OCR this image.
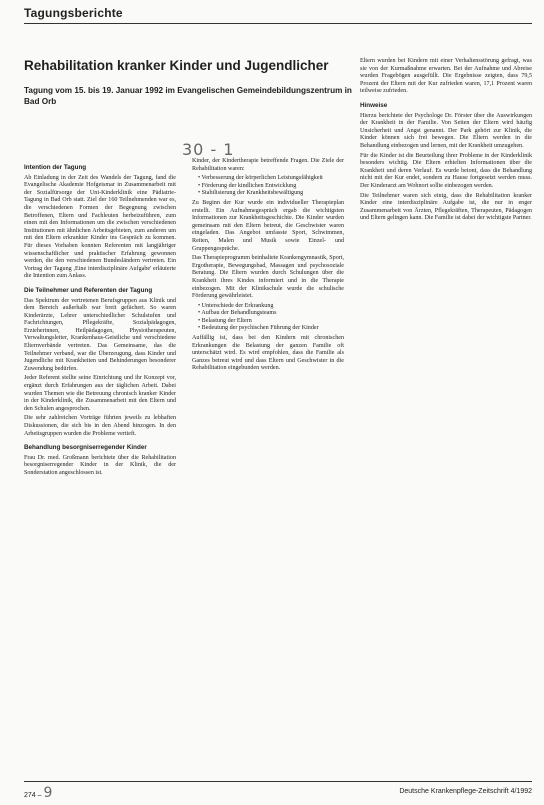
Tagungsberichte
Rehabilitation kranker Kinder und Jugendlicher
Tagung vom 15. bis 19. Januar 1992 im Evangelischen Gemeindebildungszentrum in Bad Orb
30 - 1
Intention der Tagung

Ab Einladung in der Zeit des Wandels der Tagung, fand die Evangelische Akademie Hofgeismar in Zusammenarbeit mit der Sozialfürsorge der Uni-Kinderklinik eine Pädiatrie-Tagung in Bad Orb statt. Ziel der 160 Teilnehmenden war es, die verschiedenen Formen der Begegnung zwischen Betroffenen, Eltern und Fachleuten herbeizuführen, zum einen mit den Informationen um die zwischen verschiedenen Institutionen mit ähnlichen Arbeitsgebieten, zum anderen um mit den Eltern erkrankter Kinder ins Gespräch zu kommen. Für dieses Vorhaben konnten Referenten mit langjähriger wissenschaftlicher und praktischer Erfahrung gewonnen werden, die den verschiedenen Bundesländern vertreten. Ein Vortrag der Tagung ,Eine interdisziplinäre Aufgabe' erläuterte die Intention zum Anlass.

Die Teilnehmer und Referenten der Tagung

Das Spektrum der vertretenen Berufsgruppen aus Klinik und dem Bereich außerhalb war breit gefächert. So waren Kinderärzte, Lehrer unterschiedlicher Schulstufen und Fachrichtungen, Pflegekräfte, Sozialpädagogen, Erzieherinnen, Heilpädagogen, Physiotherapeuten, Verwaltungsleiter, Krankenhaus-Geistliche und verschiedene Elternverbände vertreten. Das Gemeinsame, das die Teilnehmer verband, war die Überzeugung, dass Kinder und Jugendliche mit Krankheiten und Behinderungen besonderer Zuwendung bedürfen.

Jeder Referent stellte seine Einrichtung und ihr Konzept vor, ergänzt durch Erfahrungen aus der täglichen Arbeit. Dabei wurden Themen wie die Betreuung chronisch kranker Kinder in der Kinderklinik, die Zusammenarbeit mit den Eltern und den Schulen angesprochen.

Die sehr zahlreichen Vorträge führten jeweils zu lebhaften Diskussionen, die sich bis in den Abend hinzogen. In den Arbeitsgruppen wurden die Probleme vertieft.

Behandlung besorgniserregender Kinder

Frau Dr. med. Großmann berichtete über die Rehabilitation besorgniserregender Kinder in der Klinik, die der Sonderstation angeschlossen ist.

Kinder, der Kindertherapie betreffende Fragen. Die Ziele der Rehabilitation waren:

• Verbesserung der körperlichen Leistungsfähigkeit
• Förderung der kindlichen Entwicklung
• Stabilisierung der Krankheitsbewältigung

Zu Beginn der Kur wurde ein individueller Therapieplan erstellt. Ein Aufnahmegespräch ergab die wichtigsten Informationen zur Krankheitsgeschichte. Die Kinder wurden gemeinsam mit den Eltern betreut, die Geschwister waren eingeladen. Das Angebot umfasste Sport, Schwimmen, Reiten, Malen und Musik sowie Einzel- und Gruppengespräche.

Das Therapieprogramm beinhaltete Krankengymnastik, Sport, Ergotherapie, Bewegungsbad, Massagen und psychosoziale Beratung. Die Eltern wurden durch Schulungen über die Krankheit ihres Kindes informiert und in die Therapie einbezogen. Mit der Klinikschule wurde die schulische Förderung gewährleistet.

• Unterschiede der Erkrankung
• Aufbau der Behandlungsteams
• Belastung der Eltern
• Bedeutung der psychischen Führung der Kinder

Auffällig ist, dass bei den Kindern mit chronischen Erkrankungen die Belastung der ganzen Familie oft unterschätzt wird. Es wird empfohlen, dass die Familie als Ganzes betreut wird und dass Eltern und Geschwister in die Rehabilitation eingebunden werden.

Eltern wurden bei Kindern mit einer Verhaltensstörung gefragt, was sie von der Kurmaßnahme erwarten. Bei der Aufnahme und Abreise wurden Fragebögen ausgefüllt. Die Ergebnisse zeigten, dass 79,5 Prozent der Eltern mit der Kur zufrieden waren, 17,1 Prozent waren teilweise zufrieden.

Hinweise

Hierzu berichtete der Psychologe Dr. Förster über die Auswirkungen der Krankheit in der Familie. Von Seiten der Eltern wird häufig Unsicherheit und Angst genannt. Der Park gehört zur Klinik, die Kinder können sich frei bewegen. Die Eltern werden in die Behandlung einbezogen und lernen, mit der Krankheit umzugehen.

Für die Kinder ist die Beurteilung ihrer Probleme in der Kinderklinik besonders wichtig. Die Eltern erhielten Informationen über die Krankheit und deren Verlauf. Es wurde betont, dass die Behandlung nicht mit der Kur endet, sondern zu Hause fortgesetzt werden muss. Der Kinderarzt am Wohnort sollte einbezogen werden.

Die Teilnehmer waren sich einig, dass die Rehabilitation kranker Kinder eine interdisziplinäre Aufgabe ist, die nur in enger Zusammenarbeit von Ärzten, Pflegekräften, Therapeuten, Pädagogen und Eltern gelingen kann. Die Familie ist dabei der wichtigste Partner.

274 – 9	Deutsche Krankenpflege-Zeitschrift 4/1992
